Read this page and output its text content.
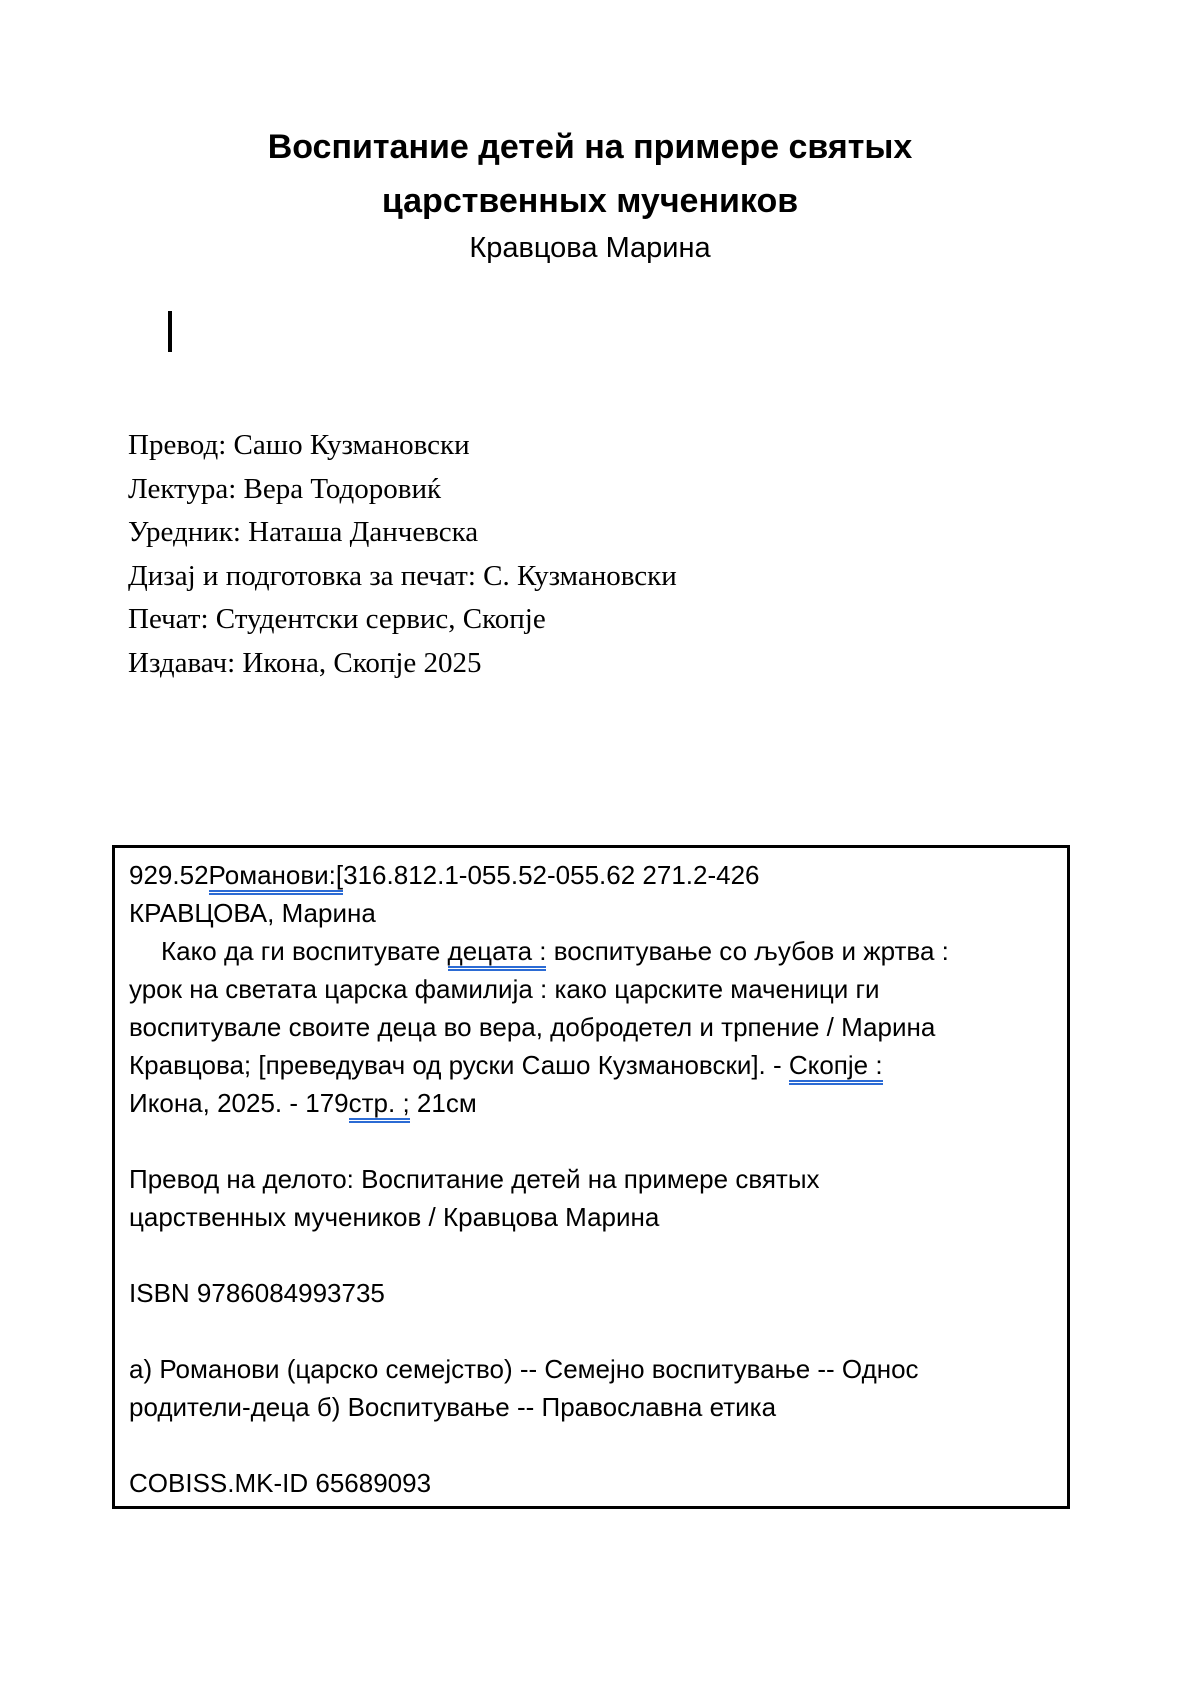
Воспитание детей на примере святых
царственных мучеников
Кравцова Марина
Превод: Сашо Кузмановски
Лектура: Вера Тодоровиќ
Уредник: Наташа Данчевска
Дизај и подготовка за печат: С. Кузмановски
Печат: Студентски сервис, Скопје
Издавач: Икона, Скопје 2025
929.52Романови:[316.812.1-055.52-055.62 271.2-426
КРАВЦОВА, Марина
Како да ги воспитувате децата : воспитување со љубов и жртва :
урок на светата царска фамилија : како царските маченици ги
воспитувале своите деца во вера, добродетел и трпение / Марина
Кравцова; [преведувач од руски Сашо Кузмановски]. - Скопје :
Икона, 2025. - 179стр. ; 21см
Превод на делото: Воспитание детей на примере святых
царственных мучеников / Кравцова Марина
ISBN 9786084993735
а) Романови (царско семејство) -- Семејно воспитување -- Однос
родители-деца б) Воспитување -- Православна етика
COBISS.MK-ID 65689093
